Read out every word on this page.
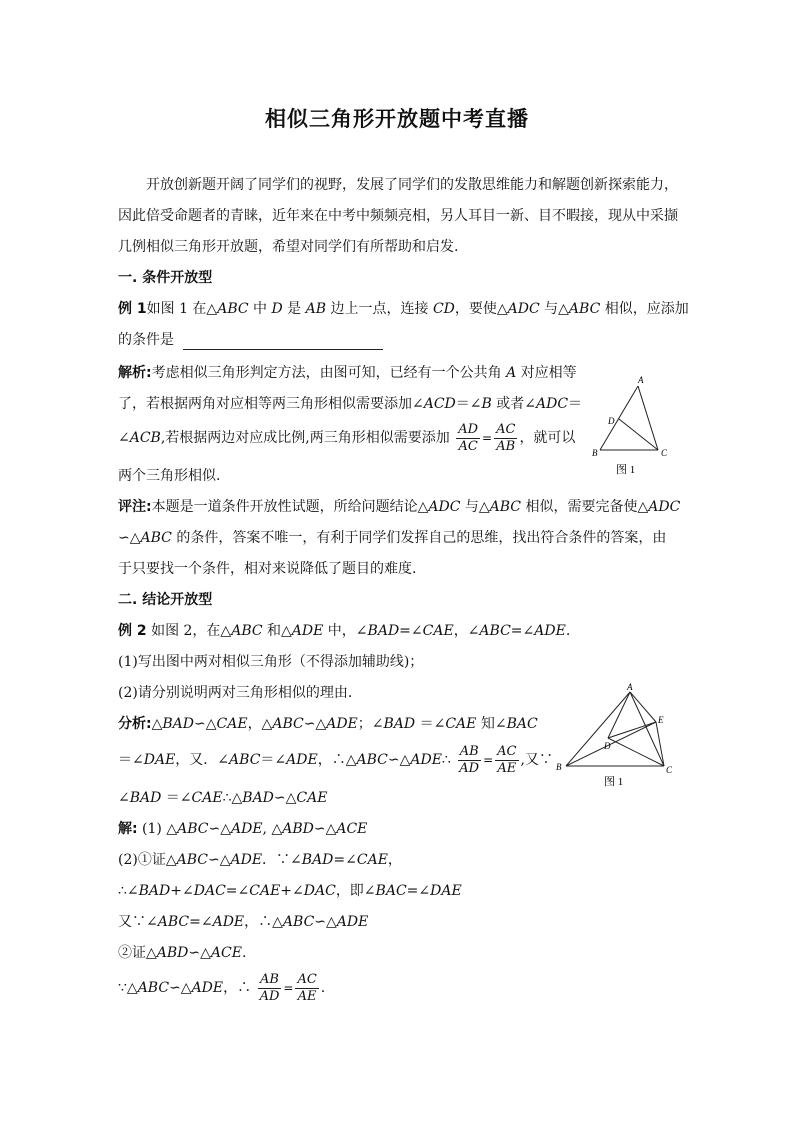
相似三角形开放题中考直播
开放创新题开阔了同学们的视野，发展了同学们的发散思维能力和解题创新探索能力，
因此倍受命题者的青睐，近年来在中考中频频亮相，另人耳目一新、目不暇接，现从中采撷
几例相似三角形开放题，希望对同学们有所帮助和启发.
一. 条件开放型
例 1如图 1 在△ABC 中 D 是 AB 边上一点，连接 CD，要使△ADC 与△ABC 相似，应添加
的条件是
解析:考虑相似三角形判定方法，由图可知，已经有一个公共角 A 对应相等
了，若根据两角对应相等两三角形相似需要添加∠ACD＝∠B 或者∠ADC＝
∠ACB,若根据两边对应成比例,两三角形相似需要添加 $\frac{AD}{AC} = \frac{AC}{AB}$ ，就可以
两个三角形相似.
A
D
B	C
图 1
评注:本题是一道条件开放性试题，所给问题结论△ADC 与△ABC 相似，需要完备使△ADC
∽△ABC 的条件，答案不唯一，有利于同学们发挥自己的思维，找出符合条件的答案，由
于只要找一个条件，相对来说降低了题目的难度.
二. 结论开放型
例 2 如图 2，在△ABC 和△ADE 中，∠BAD=∠CAE，∠ABC=∠ADE.
(1)写出图中两对相似三角形（不得添加辅助线)；
(2)请分别说明两对三角形相似的理由．
分析:△BAD∽△CAE，△ABC∽△ADE；∠BAD ＝∠CAE 知∠BAC
＝∠DAE，又．∠ABC＝∠ADE，∴△ABC∽△ADE∴ $\frac{AB}{AD} = \frac{AC}{AE}$ ,又∵
∠BAD ＝∠CAE∴△BAD∽△CAE
A
E
D
B	C
图 1
解: (1) △ABC∽△ADE, △ABD∽△ACE
(2)①证△ABC∽△ADE．∵∠BAD=∠CAE，
∴∠BAD+∠DAC=∠CAE+∠DAC，即∠BAC=∠DAE
又∵∠ABC=∠ADE，∴△ABC∽△ADE
②证△ABD∽△ACE.
∵△ABC∽△ADE，∴ $\frac{AB}{AD} = \frac{AC}{AE}$ .
